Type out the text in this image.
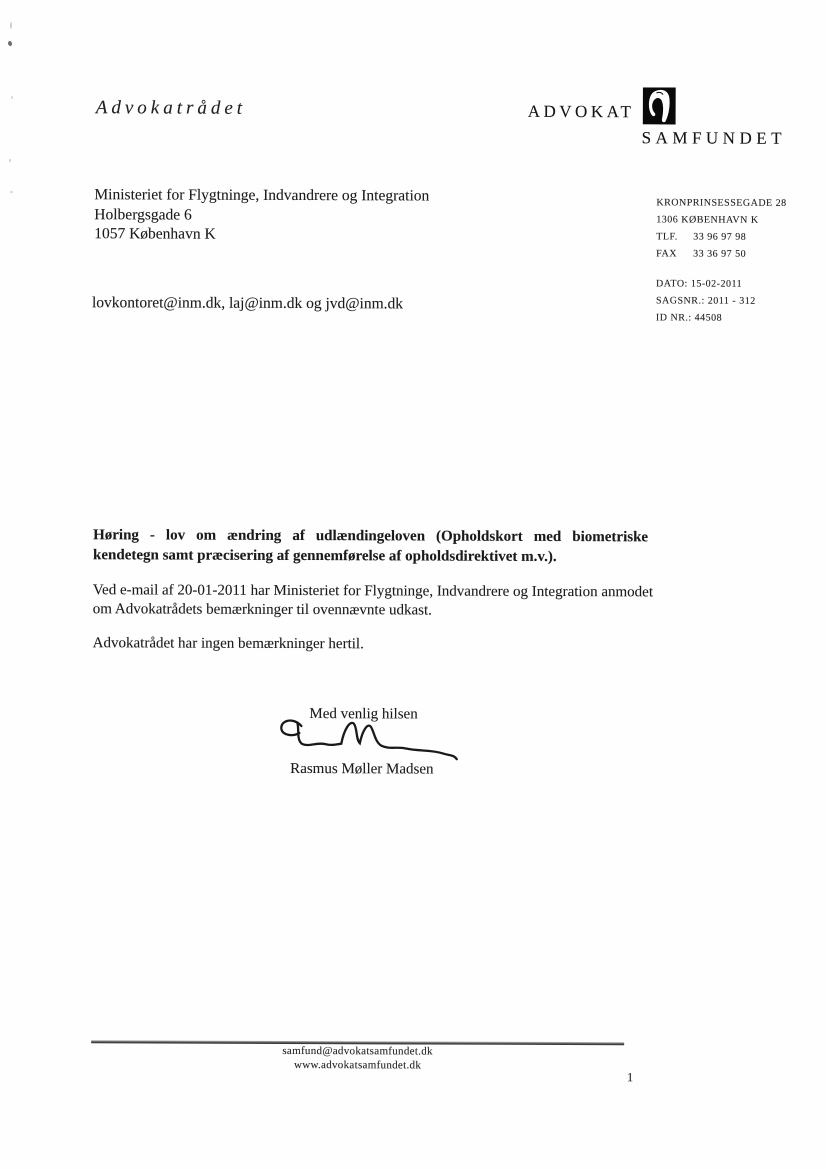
Advokatrådet	ADVOKAT
SAMFUNDET
Ministeriet for Flygtninge, Indvandrere og Integration
Holbergsgade 6
1057 København K
KRONPRINSESSEGADE 28
1306 KØBENHAVN K
TLF. 33 96 97 98
FAX 33 36 97 50
DATO: 15-02-2011
SAGSNR.: 2011 - 312
ID NR.: 44508
lovkontoret@inm.dk, laj@inm.dk og jvd@inm.dk
Høring - lov om ændring af udlændingeloven (Opholdskort med biometriske
kendetegn samt præcisering af gennemførelse af opholdsdirektivet m.v.).
Ved e-mail af 20-01-2011 har Ministeriet for Flygtninge, Indvandrere og Integration anmodet om Advokatrådets bemærkninger til ovennævnte udkast.
Advokatrådet har ingen bemærkninger hertil.
Med venlig hilsen
Rasmus Møller Madsen
samfund@advokatsamfundet.dk
www.advokatsamfundet.dk
1
